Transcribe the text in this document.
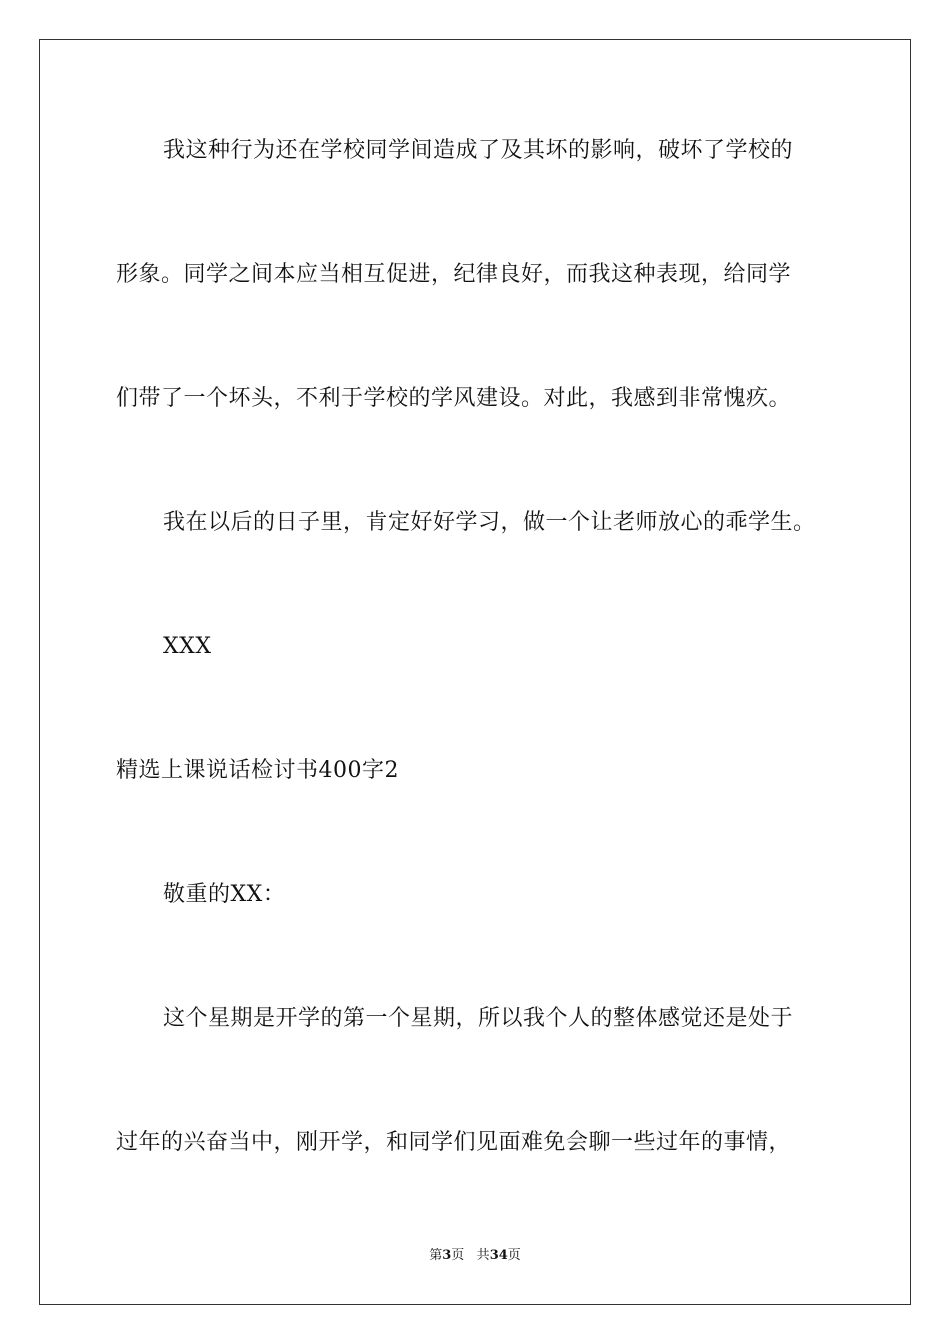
我这种行为还在学校同学间造成了及其坏的影响，破坏了学校的
形象。同学之间本应当相互促进，纪律良好，而我这种表现，给同学
们带了一个坏头，不利于学校的学风建设。对此，我感到非常愧疚。
我在以后的日子里，肯定好好学习，做一个让老师放心的乖学生。
XXX
精选上课说话检讨书400字2
敬重的XX：
这个星期是开学的第一个星期，所以我个人的整体感觉还是处于
过年的兴奋当中，刚开学，和同学们见面难免会聊一些过年的事情，
第3页 共34页
